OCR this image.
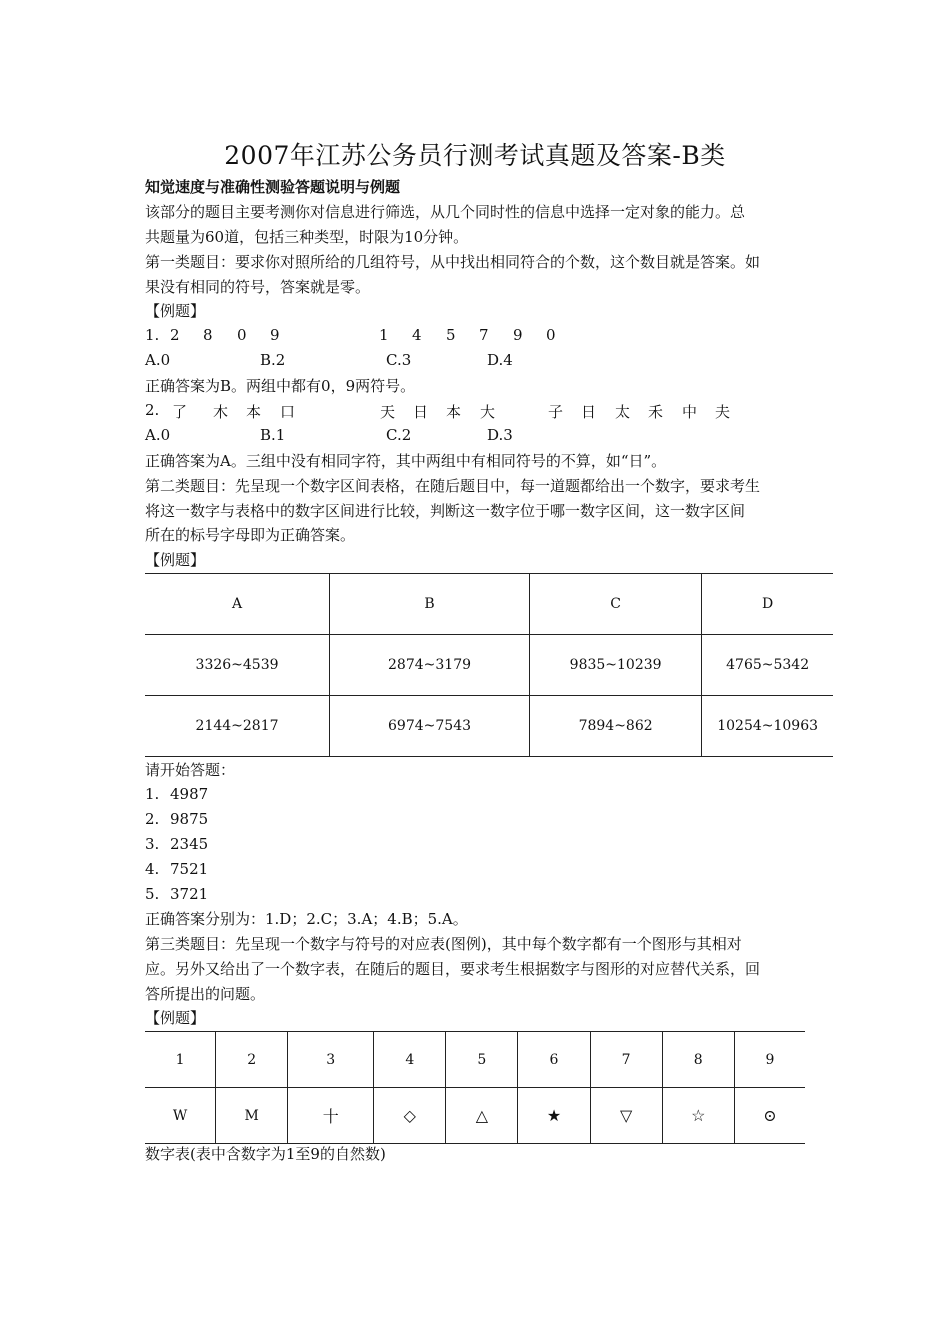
2007年江苏公务员行测考试真题及答案-B类
知觉速度与准确性测验答题说明与例题
该部分的题目主要考测你对信息进行筛选，从几个同时性的信息中选择一定对象的能力。总
共题量为60道，包括三种类型，时限为10分钟。
第一类题目：要求你对照所给的几组符号，从中找出相同符合的个数，这个数目就是答案。如
果没有相同的符号，答案就是零。
【例题】
1. 2 8 0 9	1 4 5 7 9 0
A.0	B.2	C.3	D.4
正确答案为B。两组中都有0，9两符号。
2. 了 木 本 口	天 日 本 大	子 日 太 禾 中 夫
A.0	B.1	C.2	D.3
正确答案为A。三组中没有相同字符，其中两组中有相同符号的不算，如“日”。
第二类题目：先呈现一个数字区间表格，在随后题目中，每一道题都给出一个数字，要求考生
将这一数字与表格中的数字区间进行比较，判断这一数字位于哪一数字区间，这一数字区间
所在的标号字母即为正确答案。
【例题】
A	B	C	D
3326~4539	2874~3179	9835~10239	4765~5342
2144~2817	6974~7543	7894~862	10254~10963
请开始答题：
1. 4987
2. 9875
3. 2345
4. 7521
5. 3721
正确答案分别为：1.D；2.C；3.A；4.B；5.A。
第三类题目：先呈现一个数字与符号的对应表(图例)，其中每个数字都有一个图形与其相对
应。另外又给出了一个数字表，在随后的题目，要求考生根据数字与图形的对应替代关系，回
答所提出的问题。
【例题】
1	2	3	4	5	6	7	8	9
W	M	十	◇	△	★	▽	☆	⊙
数字表(表中含数字为1至9的自然数)
